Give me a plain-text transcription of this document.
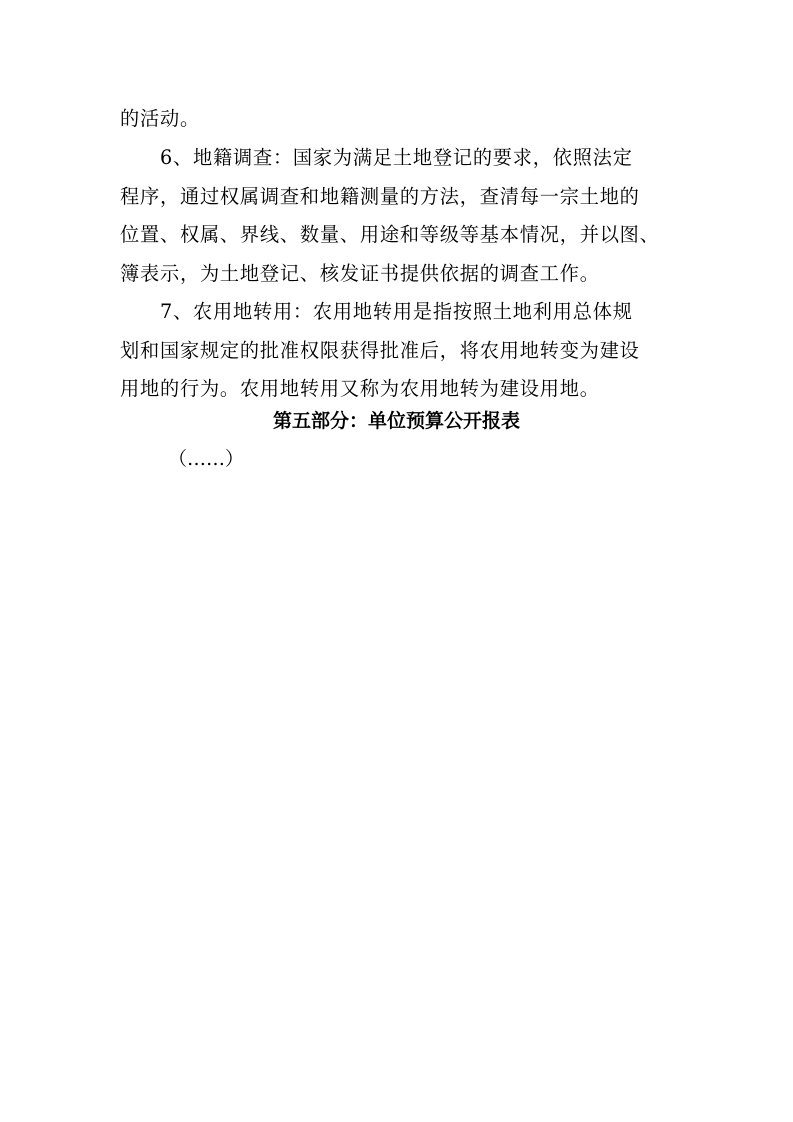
的活动。

6、地籍调查：国家为满足土地登记的要求，依照法定
程序，通过权属调查和地籍测量的方法，查清每一宗土地的
位置、权属、界线、数量、用途和等级等基本情况，并以图、
簿表示，为土地登记、核发证书提供依据的调查工作。

7、农用地转用：农用地转用是指按照土地利用总体规
划和国家规定的批准权限获得批准后，将农用地转变为建设
用地的行为。农用地转用又称为农用地转为建设用地。

第五部分：单位预算公开报表

（……）
